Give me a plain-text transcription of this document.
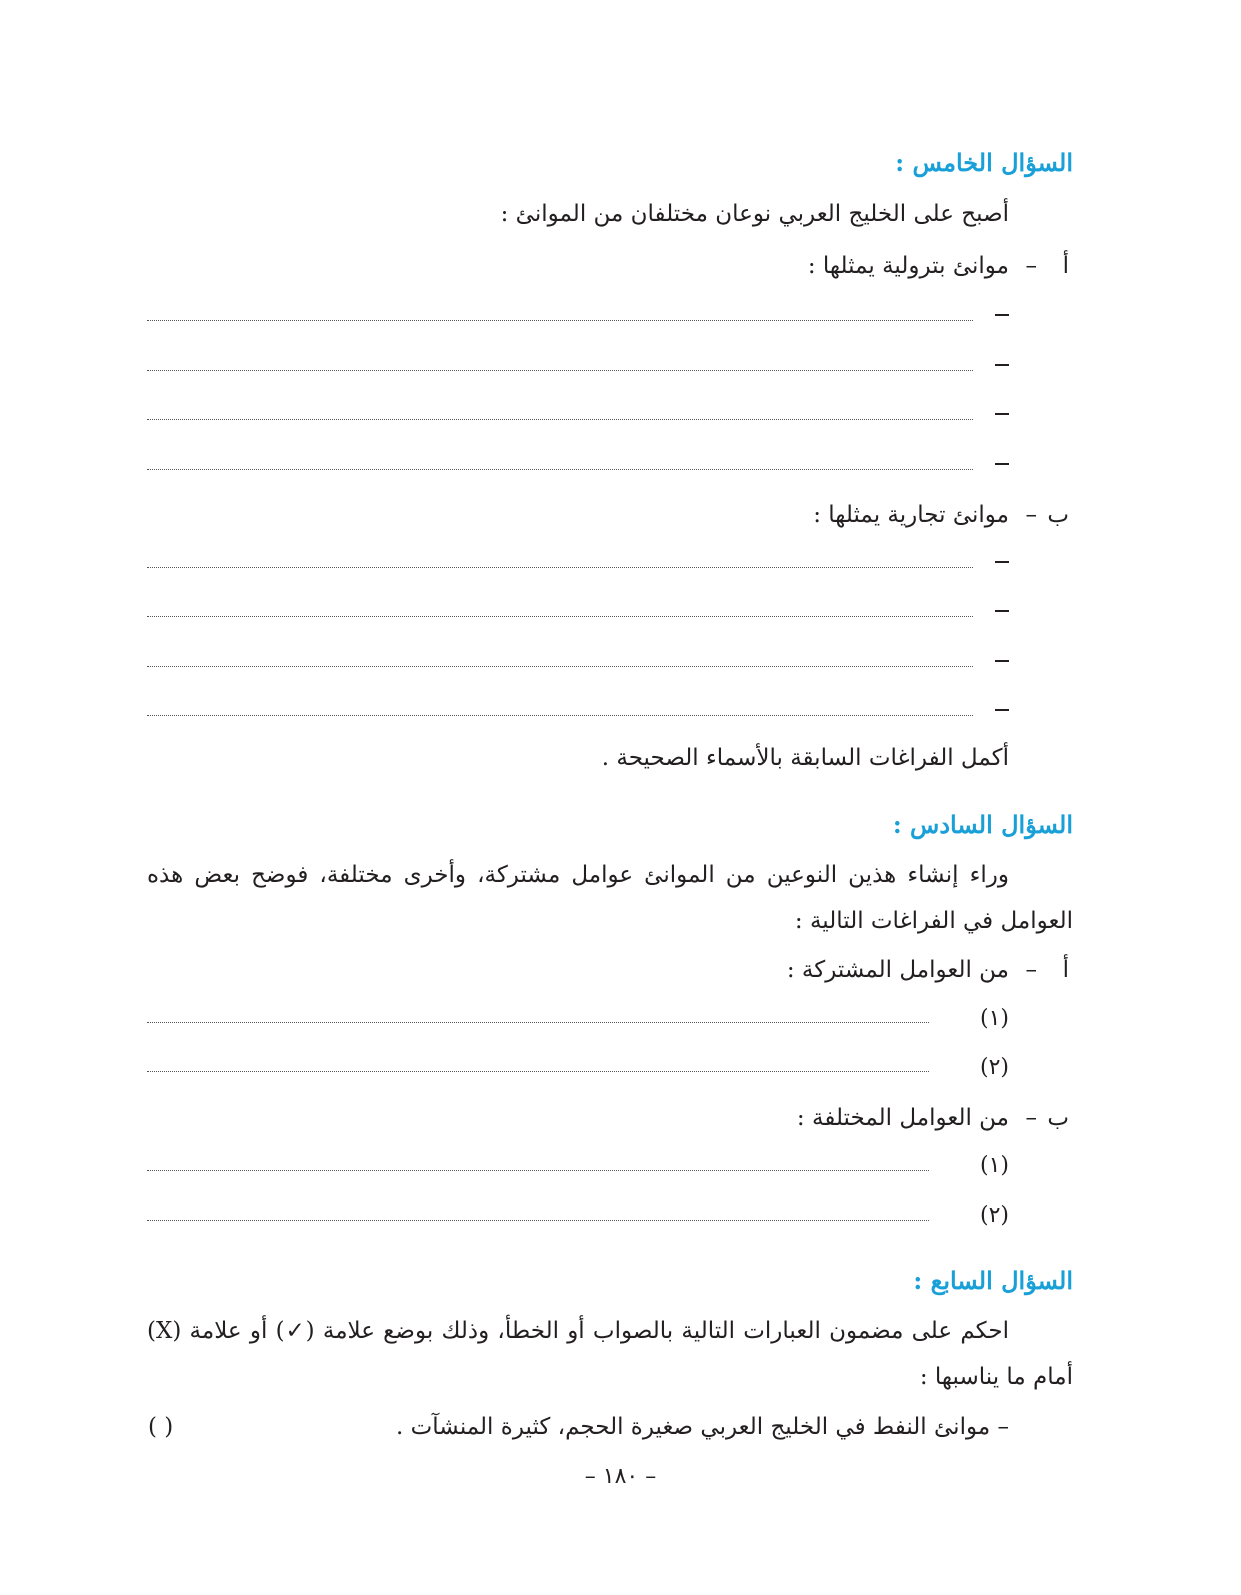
السؤال الخامس :
أصبح على الخليج العربي نوعان مختلفان من الموانئ :
أ
–
موانئ بترولية يمثلها :
ب
–
موانئ تجارية يمثلها :
أكمل الفراغات السابقة بالأسماء الصحيحة .
السؤال السادس :
وراء إنشاء هذين النوعين من الموانئ عوامل مشتركة، وأخرى مختلفة، فوضح بعض هذه العوامل في الفراغات التالية :
أ
–
من العوامل المشتركة :
(١)
(٢)
ب
–
من العوامل المختلفة :
(١)
(٢)
السؤال السابع :
احكم على مضمون العبارات التالية بالصواب أو الخطأ، وذلك بوضع علامة (✓) أو علامة (X) أمام ما يناسبها :
– موانئ النفط في الخليج العربي صغيرة الحجم، كثيرة المنشآت .
( )
– ١٨٠ –
